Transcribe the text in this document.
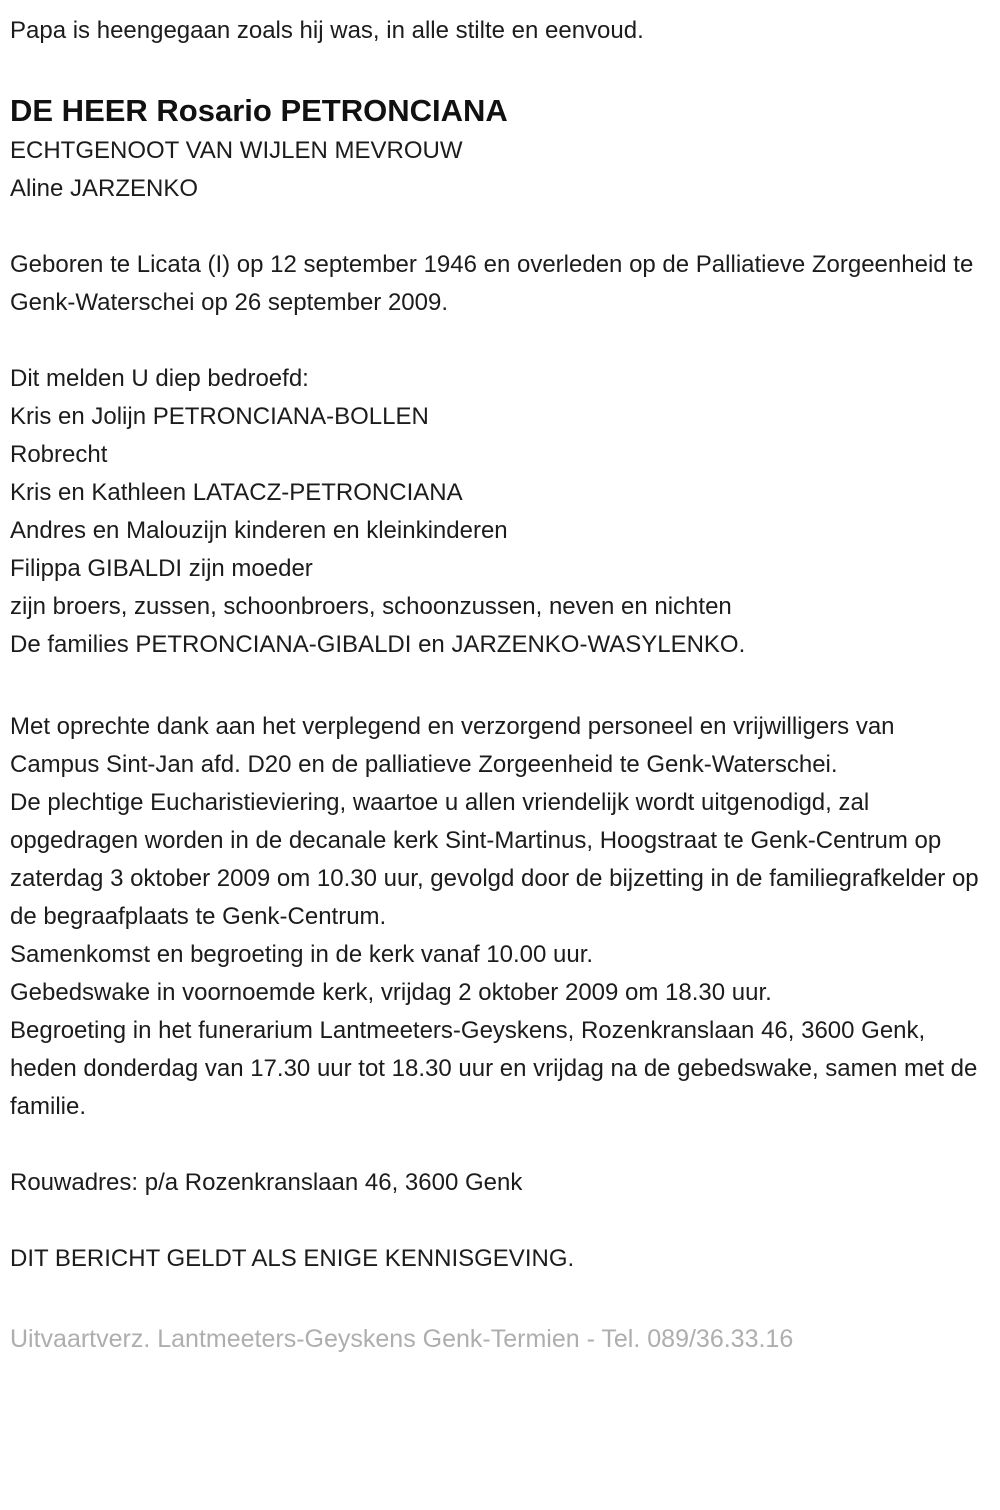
Papa is heengegaan zoals hij was, in alle stilte en eenvoud.

DE HEER Rosario PETRONCIANA

ECHTGENOOT VAN WIJLEN MEVROUW

Aline JARZENKO

Geboren te Licata (I) op 12 september 1946 en overleden op de Palliatieve Zorgeenheid te Genk-Waterschei op 26 september 2009.

Dit melden U diep bedroefd:

Kris en Jolijn PETRONCIANA-BOLLEN

Robrecht

Kris en Kathleen LATACZ-PETRONCIANA

Andres en Malouzijn kinderen en kleinkinderen

Filippa GIBALDI zijn moeder

zijn broers, zussen, schoonbroers, schoonzussen, neven en nichten

De families PETRONCIANA-GIBALDI en JARZENKO-WASYLENKO.

Met oprechte dank aan het verplegend en verzorgend personeel en vrijwilligers van Campus Sint-Jan afd. D20 en de palliatieve Zorgeenheid te Genk-Waterschei.

De plechtige Eucharistieviering, waartoe u allen vriendelijk wordt uitgenodigd, zal opgedragen worden in de decanale kerk Sint-Martinus, Hoogstraat te Genk-Centrum op zaterdag 3 oktober 2009 om 10.30 uur, gevolgd door de bijzetting in de familiegrafkelder op de begraafplaats te Genk-Centrum.

Samenkomst en begroeting in de kerk vanaf 10.00 uur.

Gebedswake in voornoemde kerk, vrijdag 2 oktober 2009 om 18.30 uur.

Begroeting in het funerarium Lantmeeters-Geyskens, Rozenkranslaan 46, 3600 Genk, heden donderdag van 17.30 uur tot 18.30 uur en vrijdag na de gebedswake, samen met de familie.

Rouwadres: p/a Rozenkranslaan 46, 3600 Genk

DIT BERICHT GELDT ALS ENIGE KENNISGEVING.

Uitvaartverz. Lantmeeters-Geyskens Genk-Termien - Tel. 089/36.33.16
